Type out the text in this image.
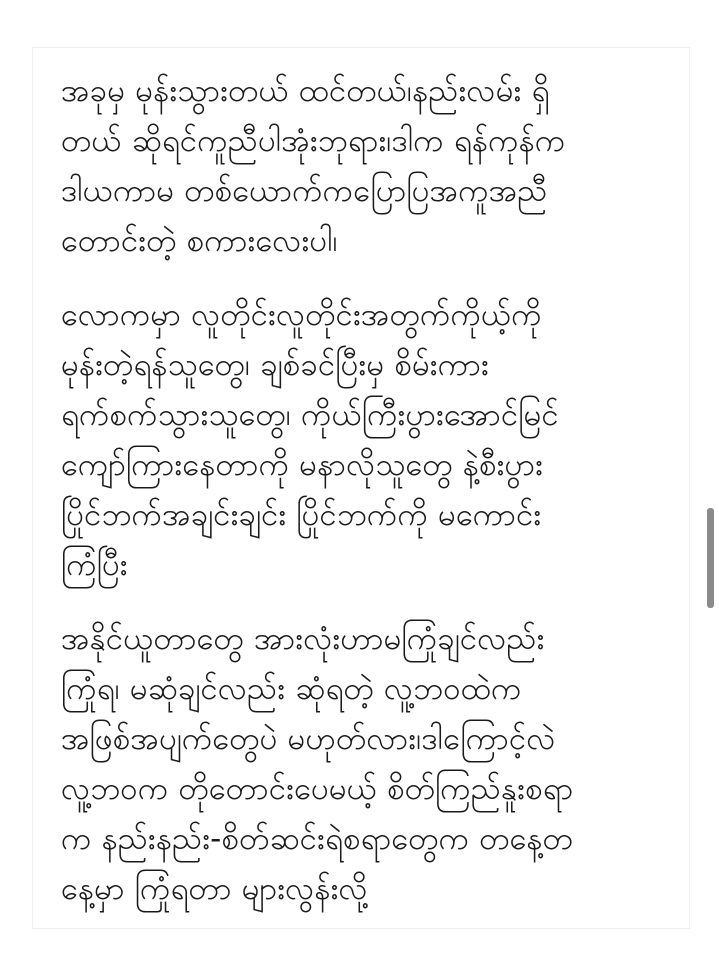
အခုမှ မုန်းသွားတယ် ထင်တယ်၊နည်းလမ်း ရှိ
တယ် ဆိုရင်ကူညီပါအုံးဘုရား၊ဒါက ရန်ကုန်က
ဒါယကာမ တစ်ယောက်ကပြောပြအကူအညီ
တောင်းတဲ့ စကားလေးပါ၊
လောကမှာ လူတိုင်းလူတိုင်းအတွက်ကိုယ့်ကို
မုန်းတဲ့ရန်သူတွေ၊ ချစ်ခင်ပြီးမှ စိမ်းကား
ရက်စက်သွားသူတွေ၊ ကိုယ်ကြီးပွားအောင်မြင်
ကျော်ကြားနေတာကို မနာလိုသူတွေ နဲ့စီးပွား
ပြိုင်ဘက်အချင်းချင်း ပြိုင်ဘက်ကို မကောင်း
ကြံပြီး
အနိုင်ယူတာတွေ အားလုံးဟာမကြုံချင်လည်း
ကြုံရ၊ မဆုံချင်လည်း ဆုံရတဲ့ လူ့ဘဝထဲက
အဖြစ်အပျက်တွေပဲ မဟုတ်လား၊ဒါကြောင့်လဲ
လူ့ဘဝက တိုတောင်းပေမယ့် စိတ်ကြည်နူးစရာ
က နည်းနည်း-စိတ်ဆင်းရဲစရာတွေက တနေ့တ
နေ့မှာ ကြုံရတာ များလွန်းလို့
